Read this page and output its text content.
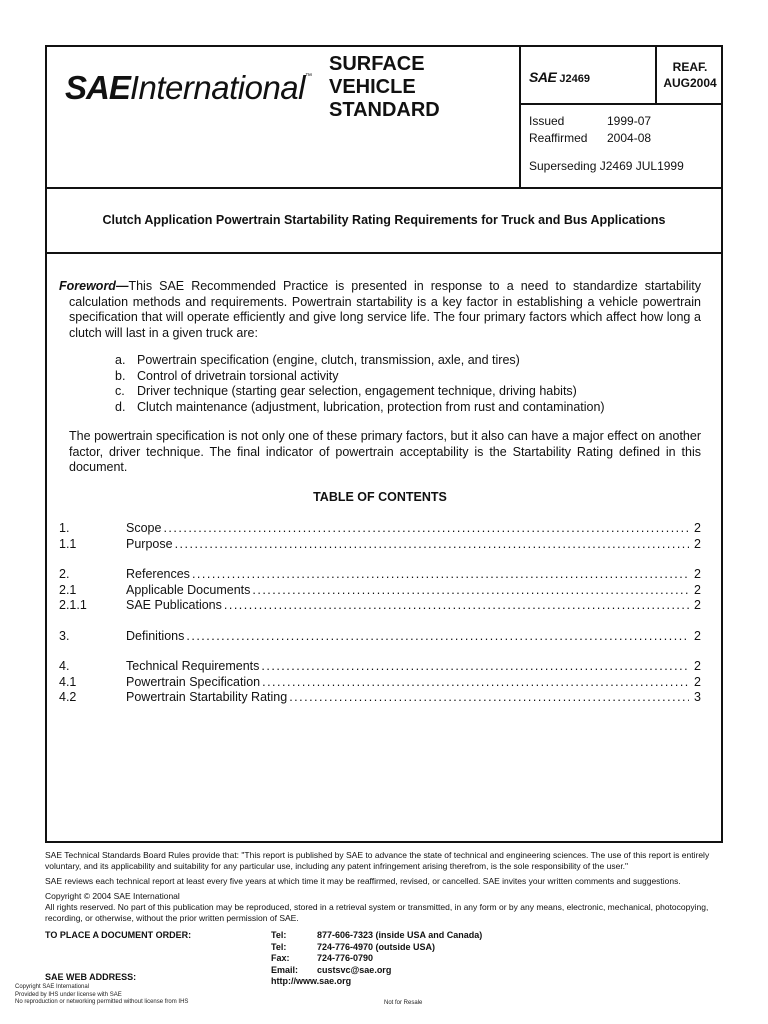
SAEInternational™
SURFACE
VEHICLE
STANDARD
SAE J2469
REAF.
AUG2004
Issued	1999-07
Reaffirmed	2004-08
Superseding J2469 JUL1999
Clutch Application Powertrain Startability Rating Requirements for Truck and Bus Applications

Foreword—This SAE Recommended Practice is presented in response to a need to standardize startability calculation methods and requirements. Powertrain startability is a key factor in establishing a vehicle powertrain specification that will operate efficiently and give long service life. The four primary factors which affect how long a clutch will last in a given truck are:

a. Powertrain specification (engine, clutch, transmission, axle, and tires)
b. Control of drivetrain torsional activity
c. Driver technique (starting gear selection, engagement technique, driving habits)
d. Clutch maintenance (adjustment, lubrication, protection from rust and contamination)

The powertrain specification is not only one of these primary factors, but it also can have a major effect on another factor, driver technique. The final indicator of powertrain acceptability is the Startability Rating defined in this document.

TABLE OF CONTENTS
1.	Scope .....	2
1.1	Purpose .....	2
2.	References .....	2
2.1	Applicable Documents .....	2
2.1.1	SAE Publications .....	2
3.	Definitions .....	2
4.	Technical Requirements .....	2
4.1	Powertrain Specification .....	2
4.2	Powertrain Startability Rating .....	3

SAE Technical Standards Board Rules provide that: "This report is published by SAE to advance the state of technical and engineering sciences. The use of this report is entirely voluntary, and its applicability and suitability for any particular use, including any patent infringement arising therefrom, is the sole responsibility of the user."

SAE reviews each technical report at least every five years at which time it may be reaffirmed, revised, or cancelled. SAE invites your written comments and suggestions.

Copyright © 2004 SAE International

All rights reserved. No part of this publication may be reproduced, stored in a retrieval system or transmitted, in any form or by any means, electronic, mechanical, photocopying, recording, or otherwise, without the prior written permission of SAE.

TO PLACE A DOCUMENT ORDER:
SAE WEB ADDRESS:
Tel:	877-606-7323 (inside USA and Canada)
Tel:	724-776-4970 (outside USA)
Fax:	724-776-0790
Email:	custsvc@sae.org
http://www.sae.org
Copyright SAE International
Provided by IHS under license with SAE
No reproduction or networking permitted without license from IHS	Not for Resale
